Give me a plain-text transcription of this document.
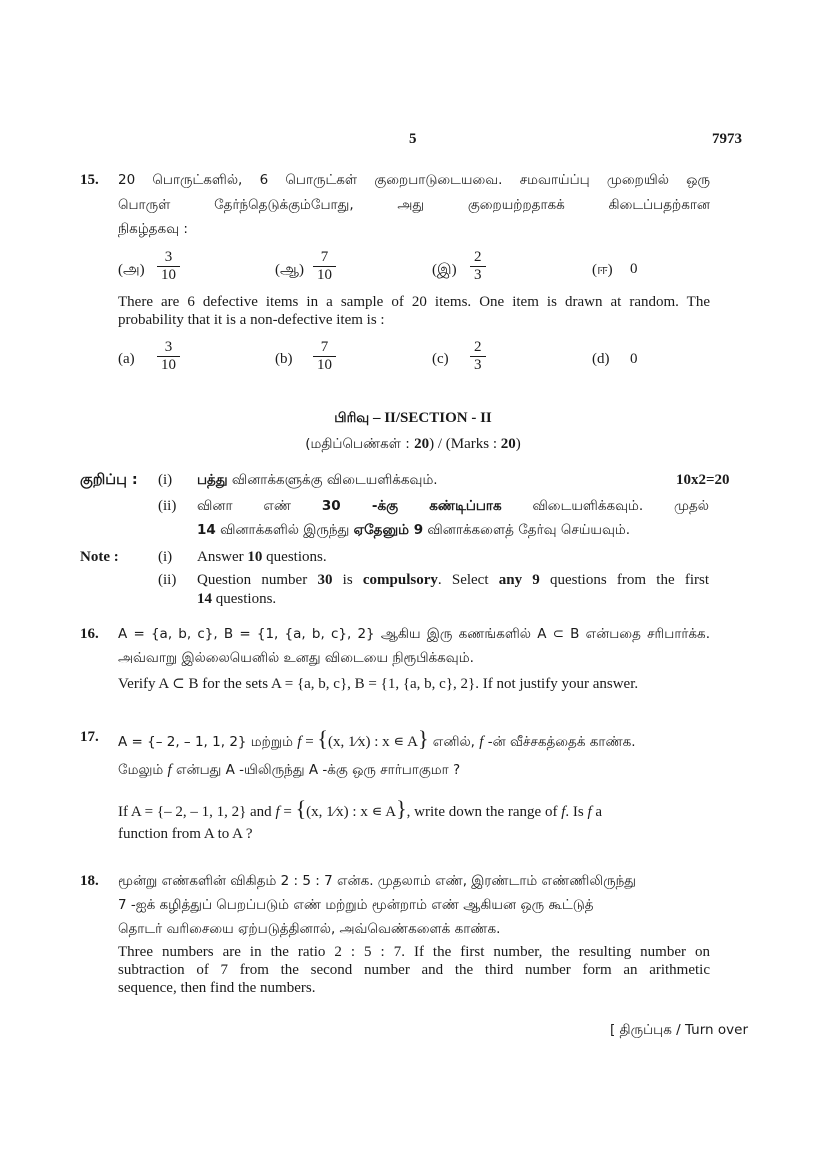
5	7973
15. 20 பொருட்களில், 6 பொருட்கள் குறைபாடுடையவை. சமவாய்ப்பு முறையில் ஒரு
பொருள் தேர்ந்தெடுக்கும்போது, அது குறையற்றதாகக் கிடைப்பதற்கான
நிகழ்தகவு :
(அ) $\frac{3}{10}$	(ஆ) $\frac{7}{10}$	(இ) $\frac{2}{3}$	(ஈ) 0
There are 6 defective items in a sample of 20 items. One item is drawn at random. The
probability that it is a non-defective item is :
$(a) \frac{3}{10}$	$(b) \frac{7}{10}$	$(c) \frac{2}{3}$	(d) 0
பிரிவு – II/SECTION - II
(மதிப்பெண்கள் : 20) / (Marks : 20)
குறிப்பு : (i) பத்து வினாக்களுக்கு விடையளிக்கவும்.	10x2=20
(ii) வினா எண் 30 -க்கு கண்டிப்பாக விடையளிக்கவும். முதல்
14 வினாக்களில் இருந்து ஏதேனும் 9 வினாக்களைத் தேர்வு செய்யவும்.
Note :	(i) Answer 10 questions.
(ii) Question number 30 is compulsory. Select any 9 questions from the first
14 questions.
16. A = {a, b, c}, B = {1, {a, b, c}, 2} ஆகிய இரு கணங்களில் A ⊂ B என்பதை சரிபார்க்க.
அவ்வாறு இல்லையெனில் உனது விடையை நிரூபிக்கவும்.
Verify A ⊂ B for the sets A = {a, b, c}, B = {1, {a, b, c}, 2}. If not justify your answer.
17. A = {– 2, – 1, 1, 2} மற்றும் f = {(x, 1⁄x) : x ∊ A} எனில், f -ன் வீச்சகத்தைக் காண்க.
மேலும் f என்பது A -யிலிருந்து A -க்கு ஒரு சார்பாகுமா ?
If A = {– 2, – 1, 1, 2} and f = {(x, 1⁄x) : x ∊ A}, write down the range of f. Is f a
function from A to A ?
18. மூன்று எண்களின் விகிதம் 2 : 5 : 7 என்க. முதலாம் எண், இரண்டாம் எண்ணிலிருந்து
7 -ஐக் கழித்துப் பெறப்படும் எண் மற்றும் மூன்றாம் எண் ஆகியன ஒரு கூட்டுத்
தொடர் வரிசையை ஏற்படுத்தினால், அவ்வெண்களைக் காண்க.
Three numbers are in the ratio 2 : 5 : 7. If the first number, the resulting number on
subtraction of 7 from the second number and the third number form an arithmetic
sequence, then find the numbers.
[ திருப்புக / Turn over
